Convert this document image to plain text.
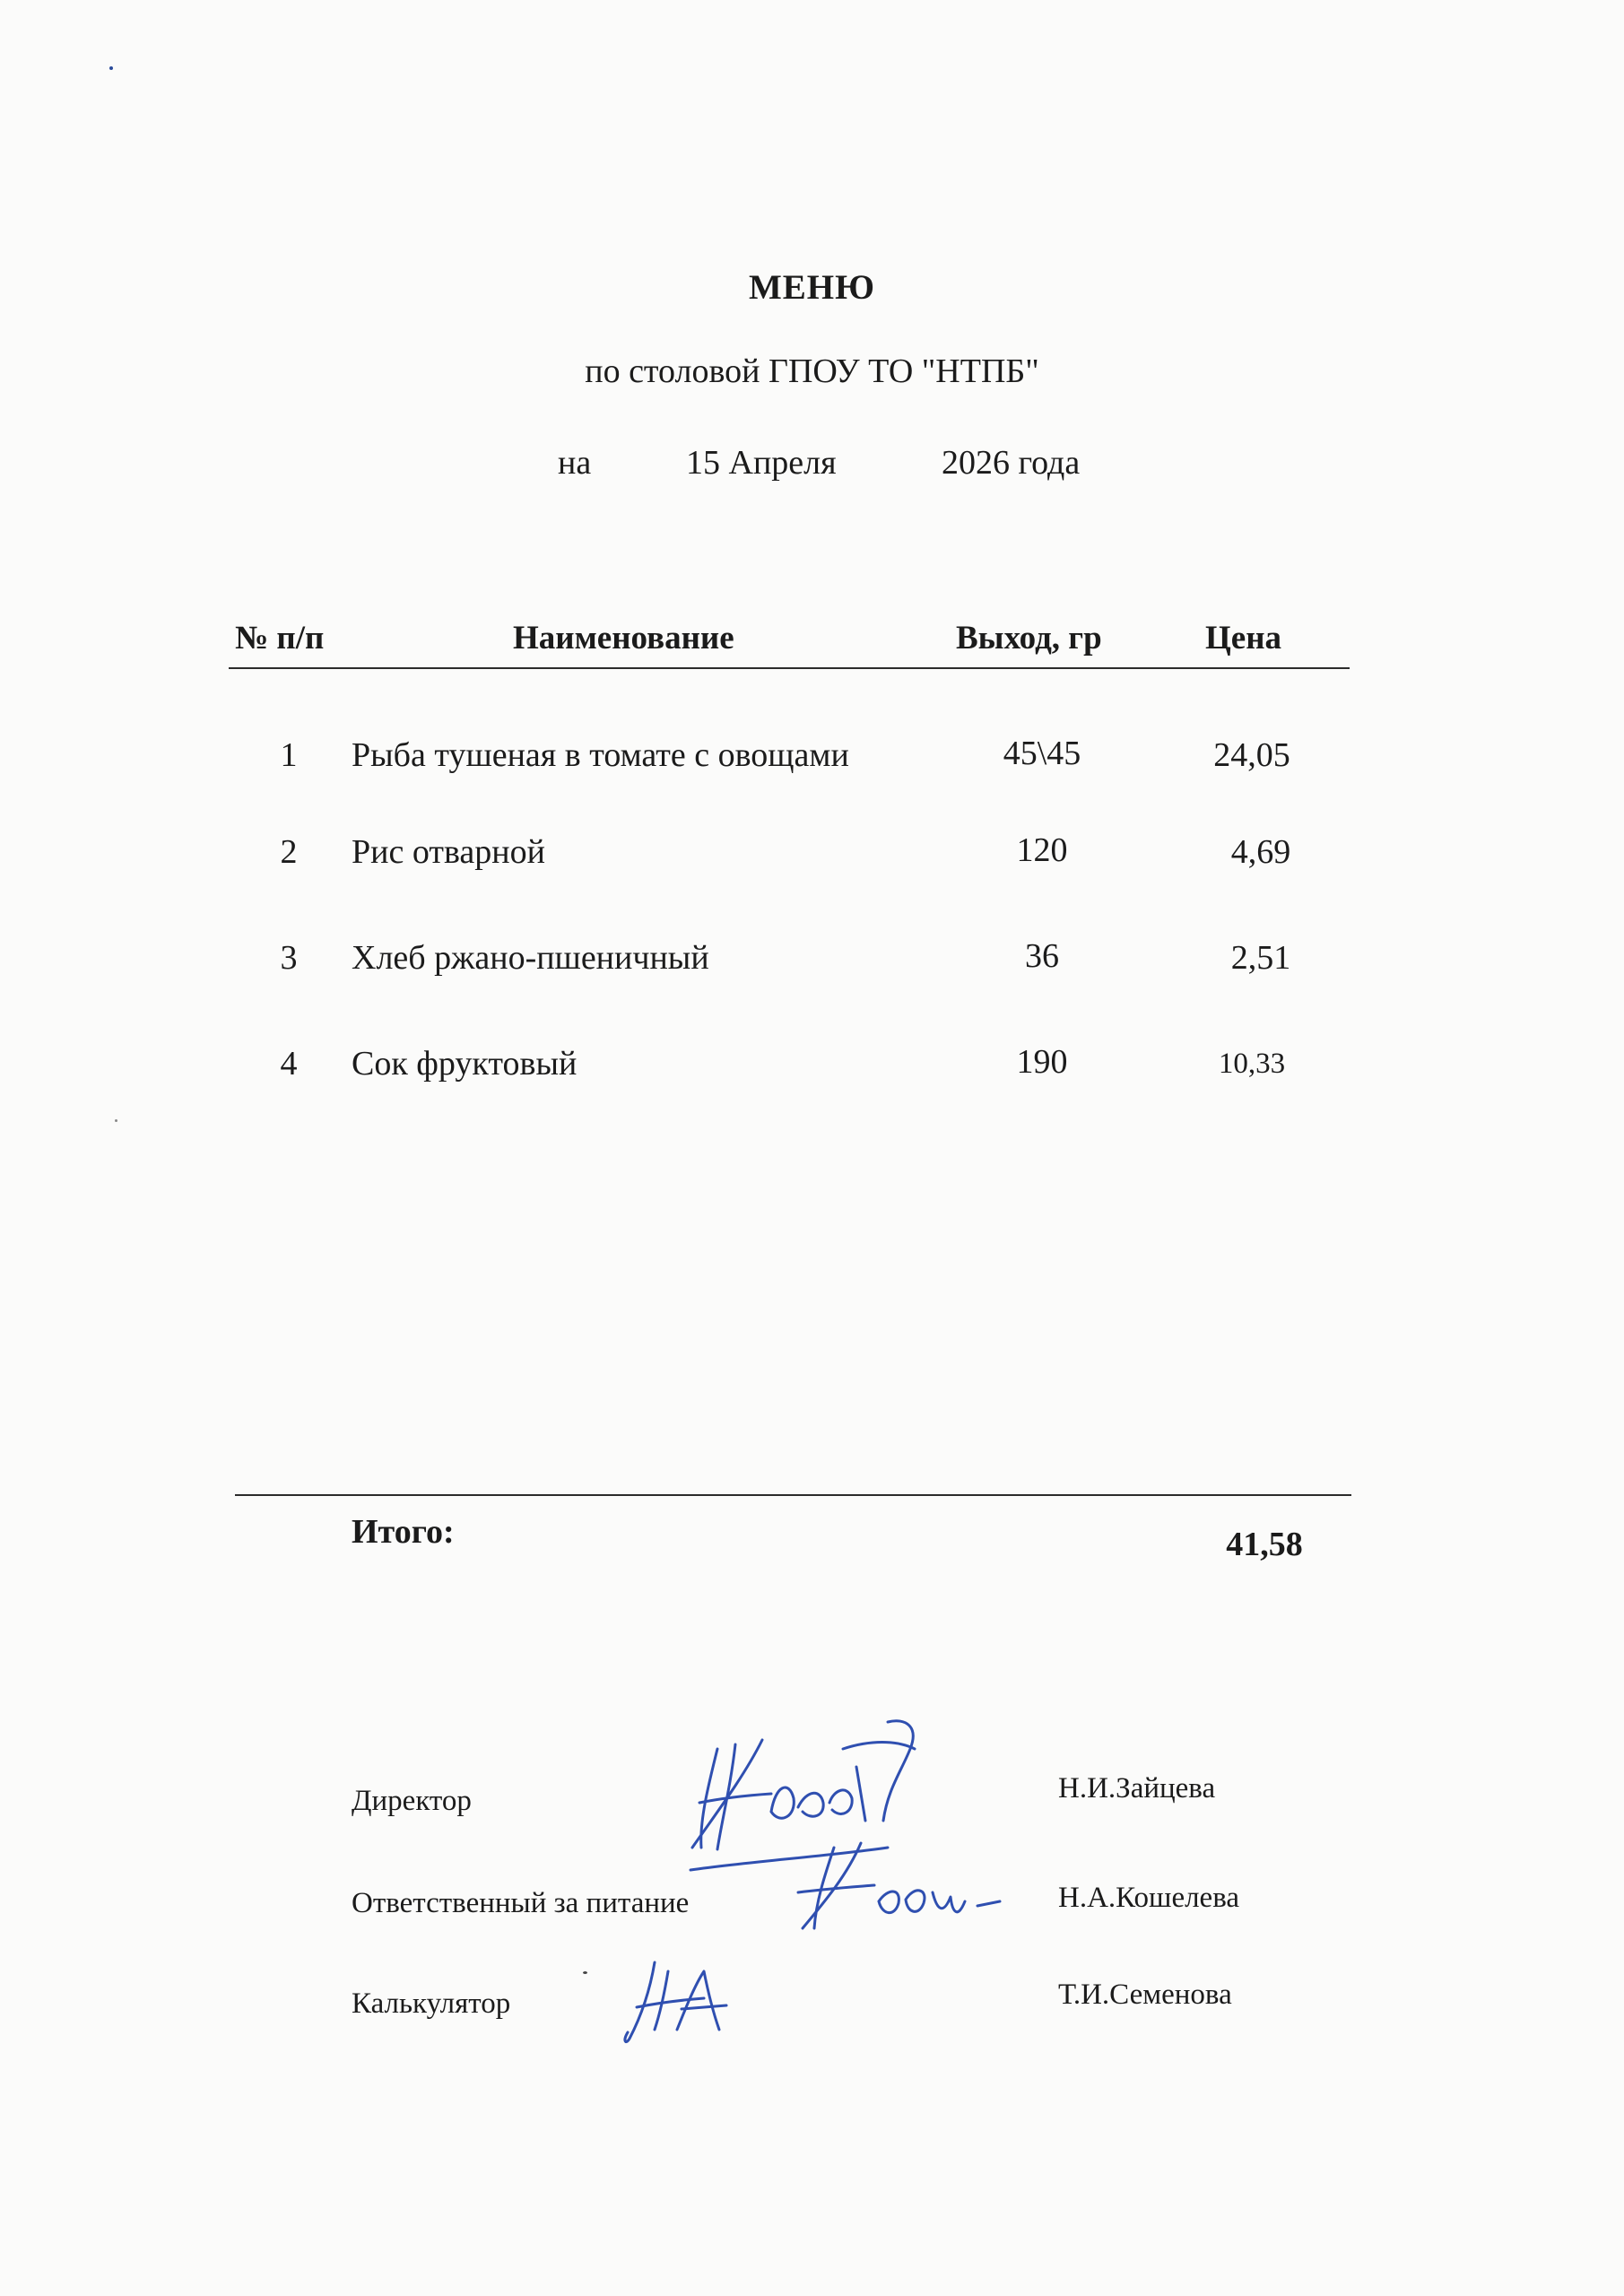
МЕНЮ
по столовой ГПОУ ТО "НТПБ"
на	15 Апреля	2026 года
№ п/п	Наименование	Выход, гр	Цена
1	Рыба тушеная в томате с овощами	45\45	24,05
2	Рис отварной	120	4,69
3	Хлеб ржано-пшеничный	36	2,51
4	Сок фруктовый	190	10,33
Итого:	41,58
Директор	Н.И.Зайцева
Ответственный за питание	Н.А.Кошелева
Калькулятор	Т.И.Семенова
